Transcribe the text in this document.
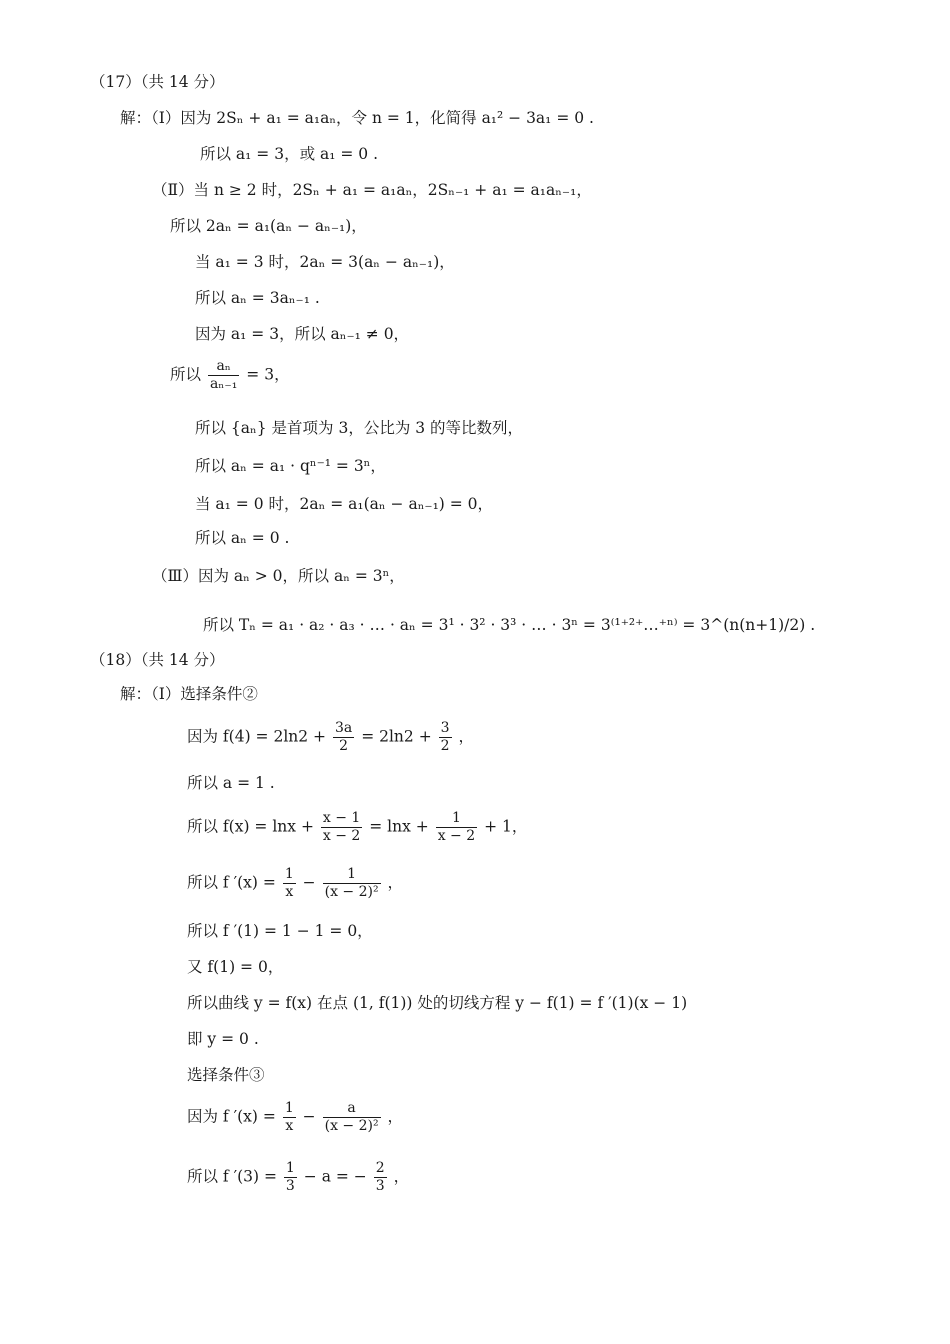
（17）（共 14 分）
解：（Ⅰ）因为 2Sₙ + a₁ = a₁aₙ，令 n = 1，化简得 a₁² − 3a₁ = 0 .
所以 a₁ = 3，或 a₁ = 0 .
（Ⅱ）当 n ≥ 2 时，2Sₙ + a₁ = a₁aₙ，2Sₙ₋₁ + a₁ = a₁aₙ₋₁，
所以 2aₙ = a₁(aₙ − aₙ₋₁)，
当 a₁ = 3 时，2aₙ = 3(aₙ − aₙ₋₁)，
所以 aₙ = 3aₙ₋₁ .
因为 a₁ = 3，所以 aₙ₋₁ ≠ 0，
所以 $\frac{\text{aₙ}}{\text{aₙ₋₁}} = 3$，
所以 {aₙ} 是首项为 3，公比为 3 的等比数列，
所以 aₙ = a₁ · qⁿ⁻¹ = 3ⁿ，
当 a₁ = 0 时，2aₙ = a₁(aₙ − aₙ₋₁) = 0，
所以 aₙ = 0 .
（Ⅲ）因为 aₙ > 0，所以 aₙ = 3ⁿ，
所以 Tₙ = a₁ · a₂ · a₃ · … · aₙ = 3¹ · 3² · 3³ · … · 3ⁿ = 3⁽¹⁺²⁺…⁺ⁿ⁾ = 3^(n(n+1)/2) .
（18）（共 14 分）
解：（Ⅰ）选择条件②
因为 $f(4) = 2\ln 2 + \frac{3a}{2} = 2\ln 2 + \frac{3}{2}$ ，
所以 a = 1 .
所以 $f(x) = \ln x + \frac{x - 1}{x - 2} = \ln x + \frac{1}{x - 2} + 1$，
所以 f $'(x) = \frac{1}{x} - \frac{1}{\text{(x − 2)²}}$ ，
所以 f ′(1) = 1 − 1 = 0，
又 f(1) = 0，
所以曲线 y = f(x) 在点 (1, f(1)) 处的切线方程 y − f(1) = f ′(1)(x − 1)
即 y = 0 .
选择条件③
因为 f $'(x) = \frac{1}{x} - \frac{a}{\text{(x − 2)²}}$ ，
所以 f $'(3) = \frac{1}{3} - a$ = − $\frac{2}{3}$ ，
